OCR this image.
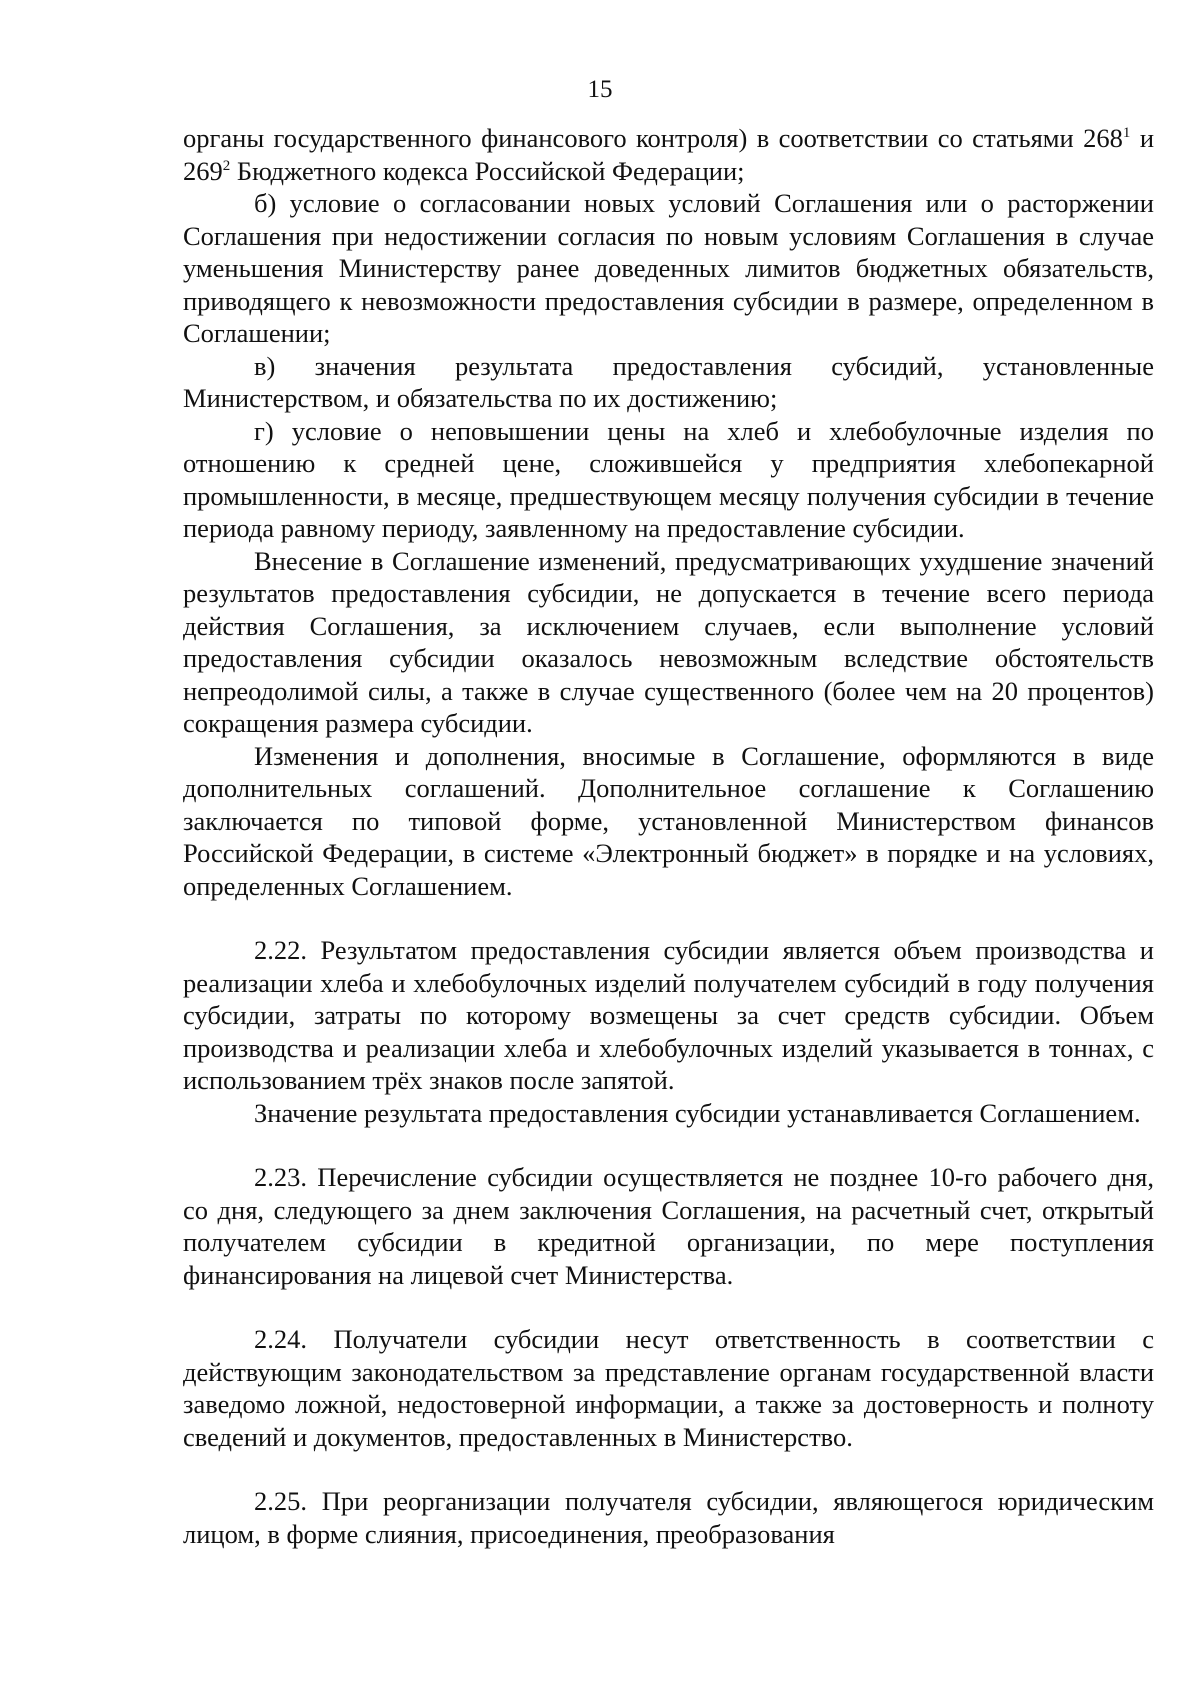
15

органы государственного финансового контроля) в соответствии со статьями $268^1$ и $269^2$ Бюджетного кодекса Российской Федерации;

б) условие о согласовании новых условий Соглашения или о расторжении Соглашения при недостижении согласия по новым условиям Соглашения в случае уменьшения Министерству ранее доведенных лимитов бюджетных обязательств, приводящего к невозможности предоставления субсидии в размере, определенном в Соглашении;

в) значения результата предоставления субсидий, установленные Министерством, и обязательства по их достижению;

г) условие о неповышении цены на хлеб и хлебобулочные изделия по отношению к средней цене, сложившейся у предприятия хлебопекарной промышленности, в месяце, предшествующем месяцу получения субсидии в течение периода равному периоду, заявленному на предоставление субсидии.

Внесение в Соглашение изменений, предусматривающих ухудшение значений результатов предоставления субсидии, не допускается в течение всего периода действия Соглашения, за исключением случаев, если выполнение условий предоставления субсидии оказалось невозможным вследствие обстоятельств непреодолимой силы, а также в случае существенного (более чем на 20 процентов) сокращения размера субсидии.

Изменения и дополнения, вносимые в Соглашение, оформляются в виде дополнительных соглашений. Дополнительное соглашение к Соглашению заключается по типовой форме, установленной Министерством финансов Российской Федерации, в системе «Электронный бюджет» в порядке и на условиях, определенных Соглашением.

2.22. Результатом предоставления субсидии является объем производства и реализации хлеба и хлебобулочных изделий получателем субсидий в году получения субсидии, затраты по которому возмещены за счет средств субсидии. Объем производства и реализации хлеба и хлебобулочных изделий указывается в тоннах, с использованием трёх знаков после запятой.

Значение результата предоставления субсидии устанавливается Соглашением.

2.23. Перечисление субсидии осуществляется не позднее 10-го рабочего дня, со дня, следующего за днем заключения Соглашения, на расчетный счет, открытый получателем субсидии в кредитной организации, по мере поступления финансирования на лицевой счет Министерства.

2.24. Получатели субсидии несут ответственность в соответствии с действующим законодательством за представление органам государственной власти заведомо ложной, недостоверной информации, а также за достоверность и полноту сведений и документов, предоставленных в Министерство.

2.25. При реорганизации получателя субсидии, являющегося юридическим лицом, в форме слияния, присоединения, преобразования
